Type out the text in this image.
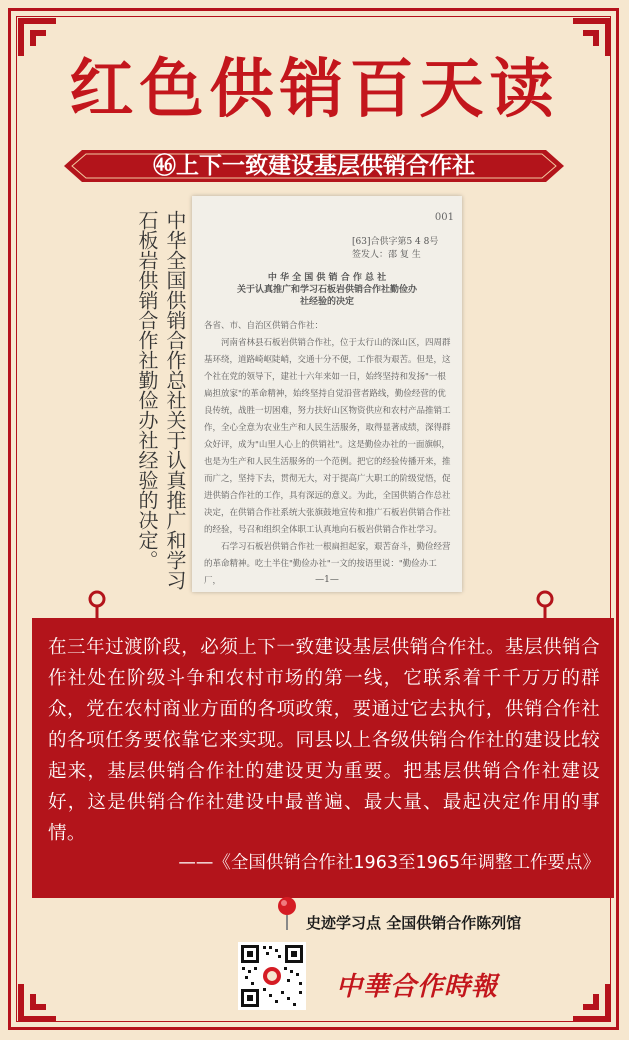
红色供销百天读
㊻上下一致建设基层供销合作社
中华全国供销合作总社关于认真推广和学习
石板岩供销合作社勤俭办社经验的决定。	001
[63]合供字第5 4 8号
签发人：邵 复 生
中 华 全 国 供 销 合 作 总 社
关于认真推广和学习石板岩供销合作社勤俭办
社经验的决定
各省、市、自治区供销合作社：
　　河南省林县石板岩供销合作社，位于太行山的深山区，四周群基环绕，道路崎岖陡峭，交通十分不便，工作很为艰苦。但是，这个社在党的领导下，建社十六年来如一日，始终坚持和发扬"一根扁担放家"的革命精神，始终坚持自觉沿营者路线，勤俭经营的优良传统，战胜一切困难，努力扶好山区物资供应和农村产品推销工作，全心全意为农业生产和人民生活服务，取得显著成绩，深得群众好评，成为"山里人心上的供销社"。这是勤俭办社的一面旗帜，也是为生产和人民生活服务的一个范例。把它的经验传播开来，推而广之，坚持下去，贯彻无大，对于提高广大职工的阶级觉悟，促进供销合作社的工作，具有深远的意义。为此，全国供销合作总社决定，在供销合作社系统大张旗鼓地宣传和推广石板岩供销合作社的经验，号召和组织全体职工认真地向石板岩供销合作社学习。
　　石学习石板岩供销合作社一根扁担起家，艰苦奋斗，勤俭经营的革命精神。吃土半住"勤俭办社"一文的按语里说："勤俭办工厂，	—1—
在三年过渡阶段，必须上下一致建设基层供销合作社。基层供销合作社处在阶级斗争和农村市场的第一线，它联系着千千万万的群众，党在农村商业方面的各项政策，要通过它去执行，供销合作社的各项任务要依靠它来实现。同县以上各级供销合作社的建设比较起来，基层供销合作社的建设更为重要。把基层供销合作社建设好，这是供销合作社建设中最普遍、最大量、最起决定作用的事情。
——《全国供销合作社1963至1965年调整工作要点》
史迹学习点 全国供销合作陈列馆
中華合作時報
